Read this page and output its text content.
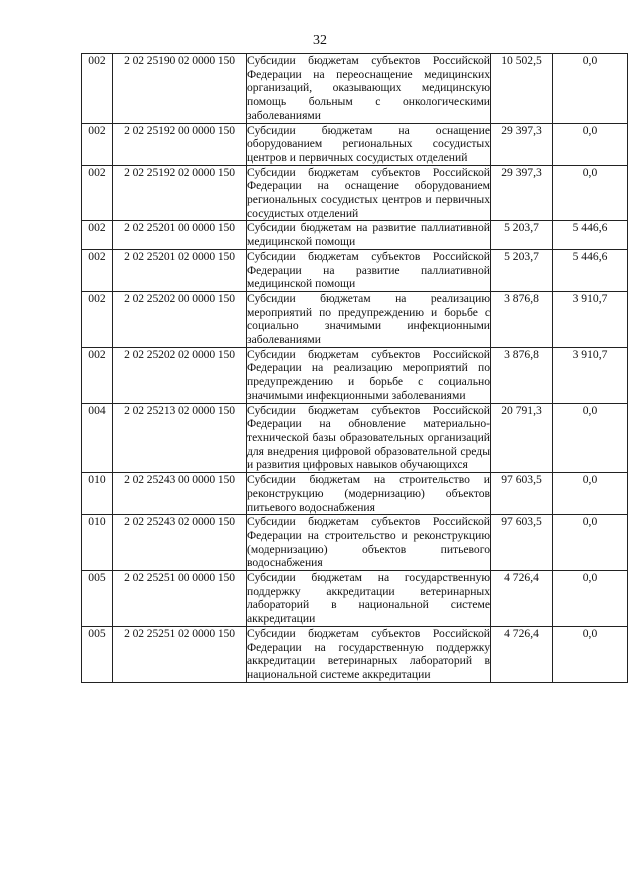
32
002	2 02 25190 02 0000 150	Субсидии бюджетам субъектов Российской Федерации на переоснащение медицинских организаций, оказывающих медицинскую помощь больным с онкологическими заболеваниями	10 502,5	0,0
002	2 02 25192 00 0000 150	Субсидии бюджетам на оснащение оборудованием региональных сосудистых центров и первичных сосудистых отделений	29 397,3	0,0
002	2 02 25192 02 0000 150	Субсидии бюджетам субъектов Российской Федерации на оснащение оборудованием региональных сосудистых центров и первичных сосудистых отделений	29 397,3	0,0
002	2 02 25201 00 0000 150	Субсидии бюджетам на развитие паллиативной медицинской помощи	5 203,7	5 446,6
002	2 02 25201 02 0000 150	Субсидии бюджетам субъектов Российской Федерации на развитие паллиативной медицинской помощи	5 203,7	5 446,6
002	2 02 25202 00 0000 150	Субсидии бюджетам на реализацию мероприятий по предупреждению и борьбе с социально значимыми инфекционными заболеваниями	3 876,8	3 910,7
002	2 02 25202 02 0000 150	Субсидии бюджетам субъектов Российской Федерации на реализацию мероприятий по предупреждению и борьбе с социально значимыми инфекционными заболеваниями	3 876,8	3 910,7
004	2 02 25213 02 0000 150	Субсидии бюджетам субъектов Российской Федерации на обновление материально-технической базы образовательных организаций для внедрения цифровой образовательной среды и развития цифровых навыков обучающихся	20 791,3	0,0
010	2 02 25243 00 0000 150	Субсидии бюджетам на строительство и реконструкцию (модернизацию) объектов питьевого водоснабжения	97 603,5	0,0
010	2 02 25243 02 0000 150	Субсидии бюджетам субъектов Российской Федерации на строительство и реконструкцию (модернизацию) объектов питьевого водоснабжения	97 603,5	0,0
005	2 02 25251 00 0000 150	Субсидии бюджетам на государственную поддержку аккредитации ветеринарных лабораторий в национальной системе аккредитации	4 726,4	0,0
005	2 02 25251 02 0000 150	Субсидии бюджетам субъектов Российской Федерации на государственную поддержку аккредитации ветеринарных лабораторий в национальной системе аккредитации	4 726,4	0,0
